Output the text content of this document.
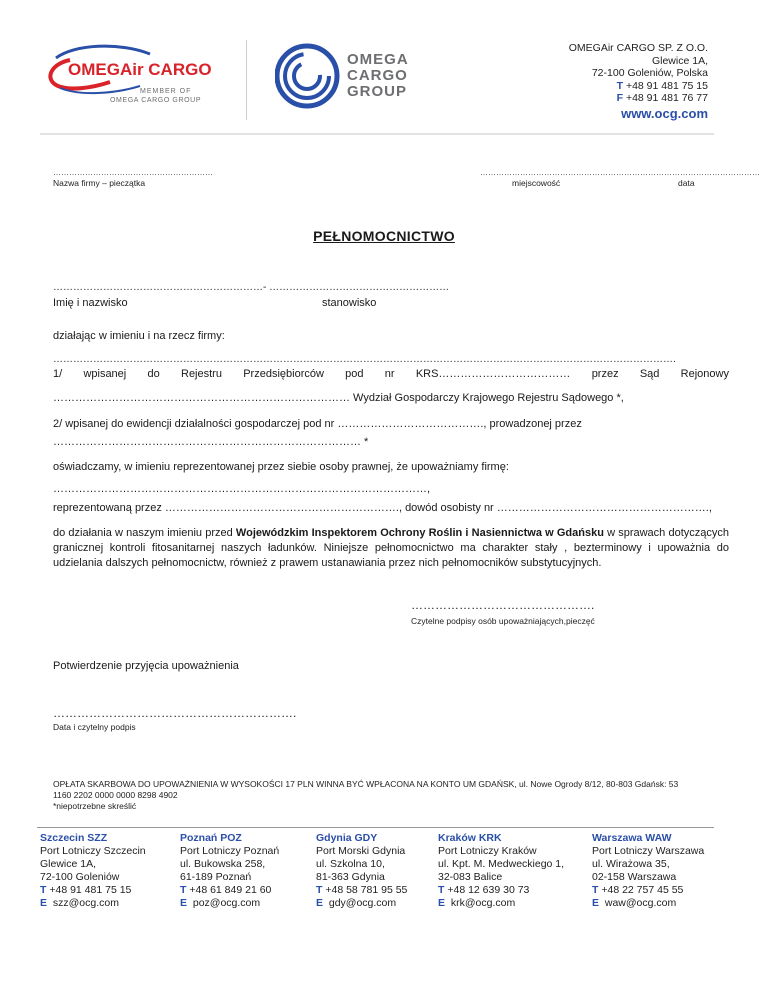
OMEGAir CARGO
MEMBER OF
OMEGA CARGO GROUP
OMEGA
CARGO
GROUP
OMEGAir CARGO SP. Z O.O.
Glewice 1A,
72-100 Goleniów, Polska
T +48 91 481 75 15
F +48 91 481 76 77
www.ocg.com
……………………………………………………
Nazwa firmy – pieczątka
……………………………………………………………………………………………
miejscowość	data
PEŁNOMOCNICTWO
………………………………………………………- ………………………………………………
Imię i nazwisko	stanowisko
działając w imieniu i na rzecz firmy:
…………………………………………………………………………………………………………………………………………………………………….
1/ wpisanej do Rejestru Przedsiębiorców pod nr KRS……………………………… przez Sąd Rejonowy
……………………………………………………………………… Wydział Gospodarczy Krajowego Rejestru Sądowego *,
2/ wpisanej do ewidencji działalności gospodarczej pod nr …………………………………., prowadzonej przez
………………………………………………………………………… *
oświadczamy, w imieniu reprezentowanej przez siebie osoby prawnej, że upoważniamy firmę:
…………………………………………………………………………………………,
reprezentowaną przez ………………………………………………………., dowód osobisty nr ………………………………………………….,
do działania w naszym imieniu przed Wojewódzkim Inspektorem Ochrony Roślin i Nasiennictwa w Gdańsku w sprawach dotyczących granicznej kontroli fitosanitarnej naszych ładunków. Niniejsze pełnomocnictwo ma charakter stały , bezterminowy i upoważnia do udzielania dalszych pełnomocnictw, również z prawem ustanawiania przez nich pełnomocników substytucyjnych.
……………………………………….
Czytelne podpisy osób upoważniających,pieczęć
Potwierdzenie przyjęcia upoważnienia
…………………………………………………….
Data i czytelny podpis
OPŁATA SKARBOWA DO UPOWAŻNIENIA W WYSOKOŚCI 17 PLN WINNA BYĆ WPŁACONA NA KONTO UM GDAŃSK, ul. Nowe Ogrody 8/12, 80-803 Gdańsk: 53
1160 2202 0000 0000 8298 4902
*niepotrzebne skreślić
Szczecin SZZ
Port Lotniczy Szczecin
Glewice 1A,
72-100 Goleniów
T +48 91 481 75 15
E szz@ocg.com
Poznań POZ
Port Lotniczy Poznań
ul. Bukowska 258,
61-189 Poznań
T +48 61 849 21 60
E poz@ocg.com
Gdynia GDY
Port Morski Gdynia
ul. Szkolna 10,
81-363 Gdynia
T +48 58 781 95 55
E gdy@ocg.com
Kraków KRK
Port Lotniczy Kraków
ul. Kpt. M. Medweckiego 1,
32-083 Balice
T +48 12 639 30 73
E krk@ocg.com
Warszawa WAW
Port Lotniczy Warszawa
ul. Wirażowa 35,
02-158 Warszawa
T +48 22 757 45 55
E waw@ocg.com
